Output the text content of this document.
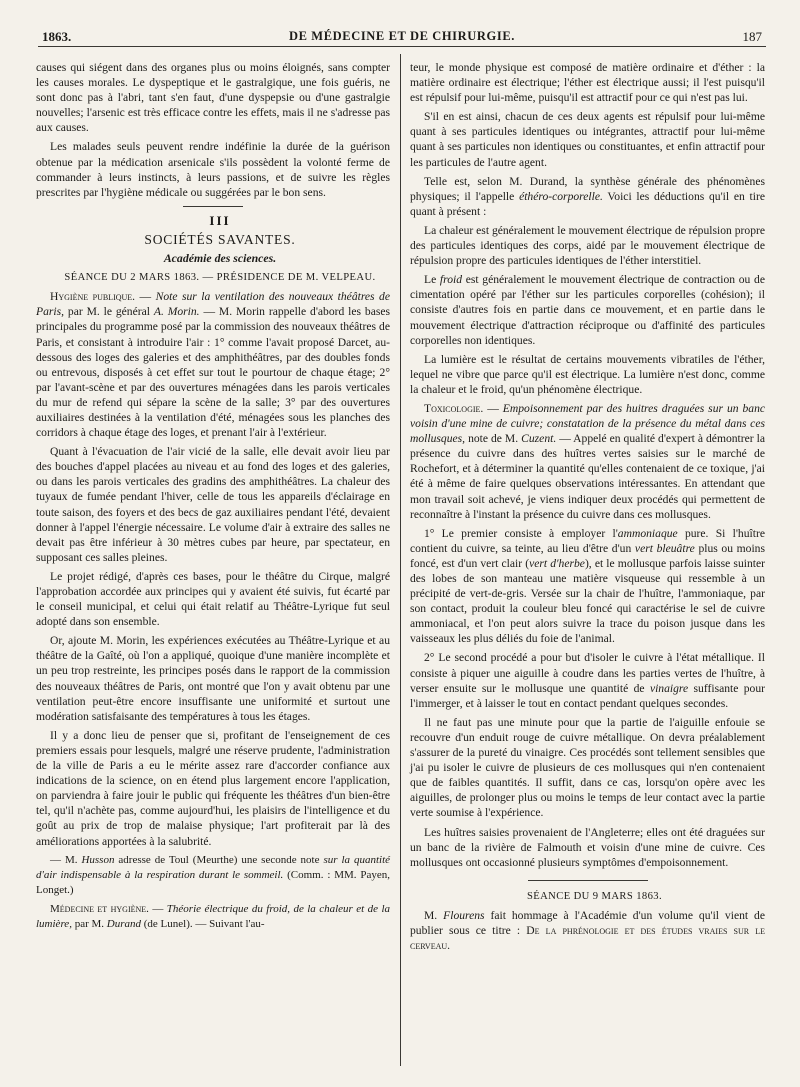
1863.	DE MÉDECINE ET DE CHIRURGIE.	187

causes qui siégent dans des organes plus ou moins éloignés, sans compter les causes morales. Le dyspeptique et le gastralgique, une fois guéris, ne sont donc pas à l'abri, tant s'en faut, d'une dyspepsie ou d'une gastralgie nouvelles; l'arsenic est très efficace contre les effets, mais il ne s'adresse pas aux causes.

Les malades seuls peuvent rendre indéfinie la durée de la guérison obtenue par la médication arsenicale s'ils possèdent la volonté ferme de commander à leurs instincts, à leurs passions, et de suivre les règles prescrites par l'hygiène médicale ou suggérées par le bon sens.

III

SOCIÉTÉS SAVANTES.

Académie des sciences.

SÉANCE DU 2 MARS 1863. — PRÉSIDENCE DE M. VELPEAU.

Hygiène publique. — Note sur la ventilation des nouveaux théâtres de Paris, par M. le général A. Morin. — M. Morin rappelle d'abord les bases principales du programme posé par la commission des nouveaux théâtres de Paris, et consistant à introduire l'air : 1° comme l'avait proposé Darcet, au-dessous des loges des galeries et des amphithéâtres, par des doubles fonds ou entrevous, disposés à cet effet sur tout le pourtour de chaque étage; 2° par l'avant-scène et par des ouvertures ménagées dans les parois verticales du mur de refend qui sépare la scène de la salle; 3° par des ouvertures auxiliaires destinées à la ventilation d'été, ménagées sous les planches des corridors à chaque étage des loges, et prenant l'air à l'extérieur.

Quant à l'évacuation de l'air vicié de la salle, elle devait avoir lieu par des bouches d'appel placées au niveau et au fond des loges et des galeries, ou dans les parois verticales des gradins des amphithéâtres. La chaleur des tuyaux de fumée pendant l'hiver, celle de tous les appareils d'éclairage en toute saison, des foyers et des becs de gaz auxiliaires pendant l'été, devaient donner à l'appel l'énergie nécessaire. Le volume d'air à extraire des salles ne devait pas être inférieur à 30 mètres cubes par heure, par spectateur, en supposant ces salles pleines.

Le projet rédigé, d'après ces bases, pour le théâtre du Cirque, malgré l'approbation accordée aux principes qui y avaient été suivis, fut écarté par le conseil municipal, et celui qui était relatif au Théâtre-Lyrique fut seul adopté dans son ensemble.

Or, ajoute M. Morin, les expériences exécutées au Théâtre-Lyrique et au théâtre de la Gaîté, où l'on a appliqué, quoique d'une manière incomplète et un peu trop restreinte, les principes posés dans le rapport de la commission des nouveaux théâtres de Paris, ont montré que l'on y avait obtenu par une ventilation peut-être encore insuffisante une uniformité et surtout une modération satisfaisante des températures à tous les étages.

Il y a donc lieu de penser que si, profitant de l'enseignement de ces premiers essais pour lesquels, malgré une réserve prudente, l'administration de la ville de Paris a eu le mérite assez rare d'accorder confiance aux indications de la science, on en étend plus largement encore l'application, on parviendra à faire jouir le public qui fréquente les théâtres d'un bien-être tel, qu'il n'achète pas, comme aujourd'hui, les plaisirs de l'intelligence et du goût au prix de trop de malaise physique; l'art profiterait par là des améliorations apportées à la salubrité.

— M. Husson adresse de Toul (Meurthe) une seconde note sur la quantité d'air indispensable à la respiration durant le sommeil. (Comm. : MM. Payen, Longet.)

Médecine et hygiène. — Théorie électrique du froid, de la chaleur et de la lumière, par M. Durand (de Lunel). — Suivant l'au-

teur, le monde physique est composé de matière ordinaire et d'éther : la matière ordinaire est électrique; l'éther est électrique aussi; il l'est puisqu'il est répulsif pour lui-même, puisqu'il est attractif pour ce qui n'est pas lui.

S'il en est ainsi, chacun de ces deux agents est répulsif pour lui-même quant à ses particules identiques ou intégrantes, attractif pour lui-même quant à ses particules non identiques ou constituantes, et enfin attractif pour les particules de l'autre agent.

Telle est, selon M. Durand, la synthèse générale des phénomènes physiques; il l'appelle éthéro-corporelle. Voici les déductions qu'il en tire quant à présent :

La chaleur est généralement le mouvement électrique de répulsion propre des particules identiques des corps, aidé par le mouvement électrique de répulsion propre des particules identiques de l'éther interstitiel.

Le froid est généralement le mouvement électrique de contraction ou de cimentation opéré par l'éther sur les particules corporelles (cohésion); il consiste d'autres fois en partie dans ce mouvement, et en partie dans le mouvement électrique d'attraction réciproque ou d'affinité des particules corporelles non identiques.

La lumière est le résultat de certains mouvements vibratiles de l'éther, lequel ne vibre que parce qu'il est électrique. La lumière n'est donc, comme la chaleur et le froid, qu'un phénomène électrique.

Toxicologie. — Empoisonnement par des huitres draguées sur un banc voisin d'une mine de cuivre; constatation de la présence du métal dans ces mollusques, note de M. Cuzent. — Appelé en qualité d'expert à démontrer la présence du cuivre dans des huîtres vertes saisies sur le marché de Rochefort, et à déterminer la quantité qu'elles contenaient de ce toxique, j'ai été à même de faire quelques observations intéressantes. En attendant que mon travail soit achevé, je viens indiquer deux procédés qui permettent de reconnaître à l'instant la présence du cuivre dans ces mollusques.

1° Le premier consiste à employer l'ammoniaque pure. Si l'huître contient du cuivre, sa teinte, au lieu d'être d'un vert bleuâtre plus ou moins foncé, est d'un vert clair (vert d'herbe), et le mollusque parfois laisse suinter des lobes de son manteau une matière visqueuse qui ressemble à un précipité de vert-de-gris. Versée sur la chair de l'huître, l'ammoniaque, par son contact, produit la couleur bleu foncé qui caractérise le sel de cuivre ammoniacal, et l'on peut alors suivre la trace du poison jusque dans les vaisseaux les plus déliés du foie de l'animal.

2° Le second procédé a pour but d'isoler le cuivre à l'état métallique. Il consiste à piquer une aiguille à coudre dans les parties vertes de l'huître, à verser ensuite sur le mollusque une quantité de vinaigre suffisante pour l'immerger, et à laisser le tout en contact pendant quelques secondes.

Il ne faut pas une minute pour que la partie de l'aiguille enfouie se recouvre d'un enduit rouge de cuivre métallique. On devra préalablement s'assurer de la pureté du vinaigre. Ces procédés sont tellement sensibles que j'ai pu isoler le cuivre de plusieurs de ces mollusques qui n'en contenaient que de faibles quantités. Il suffit, dans ce cas, lorsqu'on opère avec les aiguilles, de prolonger plus ou moins le temps de leur contact avec la partie verte soumise à l'expérience.

Les huîtres saisies provenaient de l'Angleterre; elles ont été draguées sur un banc de la rivière de Falmouth et voisin d'une mine de cuivre. Ces mollusques ont occasionné plusieurs symptômes d'empoisonnement.

SÉANCE DU 9 MARS 1863.

M. Flourens fait hommage à l'Académie d'un volume qu'il vient de publier sous ce titre : De la phrénologie et des études vraies sur le cerveau.
